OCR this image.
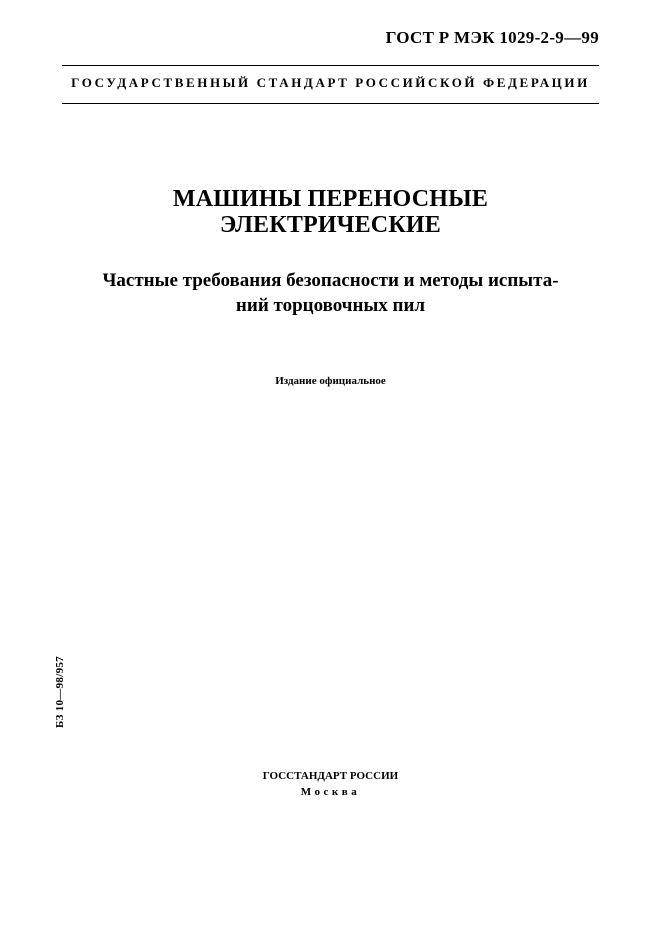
ГОСТ Р МЭК 1029-2-9—99
ГОСУДАРСТВЕННЫЙ СТАНДАРТ РОССИЙСКОЙ ФЕДЕРАЦИИ
МАШИНЫ ПЕРЕНОСНЫЕ
ЭЛЕКТРИЧЕСКИЕ
Частные требования безопасности и методы испыта-
ний торцовочных пил
Издание официальное
БЗ 10—98/957
ГОССТАНДАРТ РОССИИ
Москва
